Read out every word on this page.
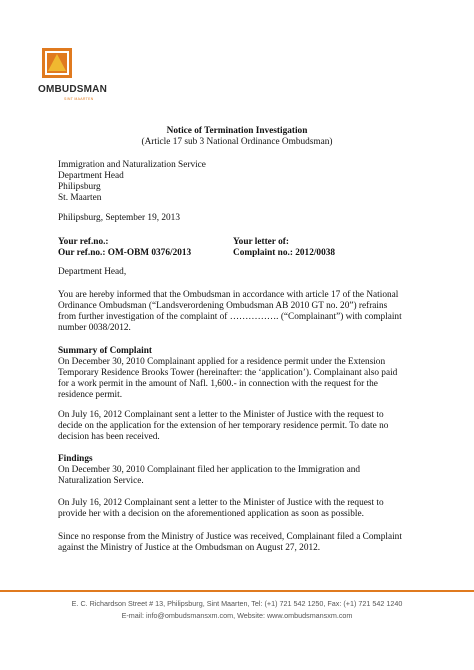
OMBUDSMAN
SINT MAARTEN
Notice of Termination Investigation
(Article 17 sub 3 National Ordinance Ombudsman)
Immigration and Naturalization Service
Department Head
Philipsburg
St. Maarten
Philipsburg, September 19, 2013
Your ref.no.:	Your letter of:
Our ref.no.: OM-OBM 0376/2013	Complaint no.: 2012/0038
Department Head,
You are hereby informed that the Ombudsman in accordance with article 17 of the National
Ordinance Ombudsman (“Landsverordening Ombudsman AB 2010 GT no. 20”) refrains
from further investigation of the complaint of ……………. (“Complainant”) with complaint
number 0038/2012.
Summary of Complaint
On December 30, 2010 Complainant applied for a residence permit under the Extension
Temporary Residence Brooks Tower (hereinafter: the ‘application’). Complainant also paid
for a work permit in the amount of Nafl. 1,600.- in connection with the request for the
residence permit.
On July 16, 2012 Complainant sent a letter to the Minister of Justice with the request to
decide on the application for the extension of her temporary residence permit. To date no
decision has been received.
Findings
On December 30, 2010 Complainant filed her application to the Immigration and
Naturalization Service.
On July 16, 2012 Complainant sent a letter to the Minister of Justice with the request to
provide her with a decision on the aforementioned application as soon as possible.
Since no response from the Ministry of Justice was received, Complainant filed a Complaint
against the Ministry of Justice at the Ombudsman on August 27, 2012.
E. C. Richardson Street # 13, Philipsburg, Sint Maarten, Tel: (+1) 721 542 1250, Fax: (+1) 721 542 1240
E-mail: info@ombudsmansxm.com, Website: www.ombudsmansxm.com
